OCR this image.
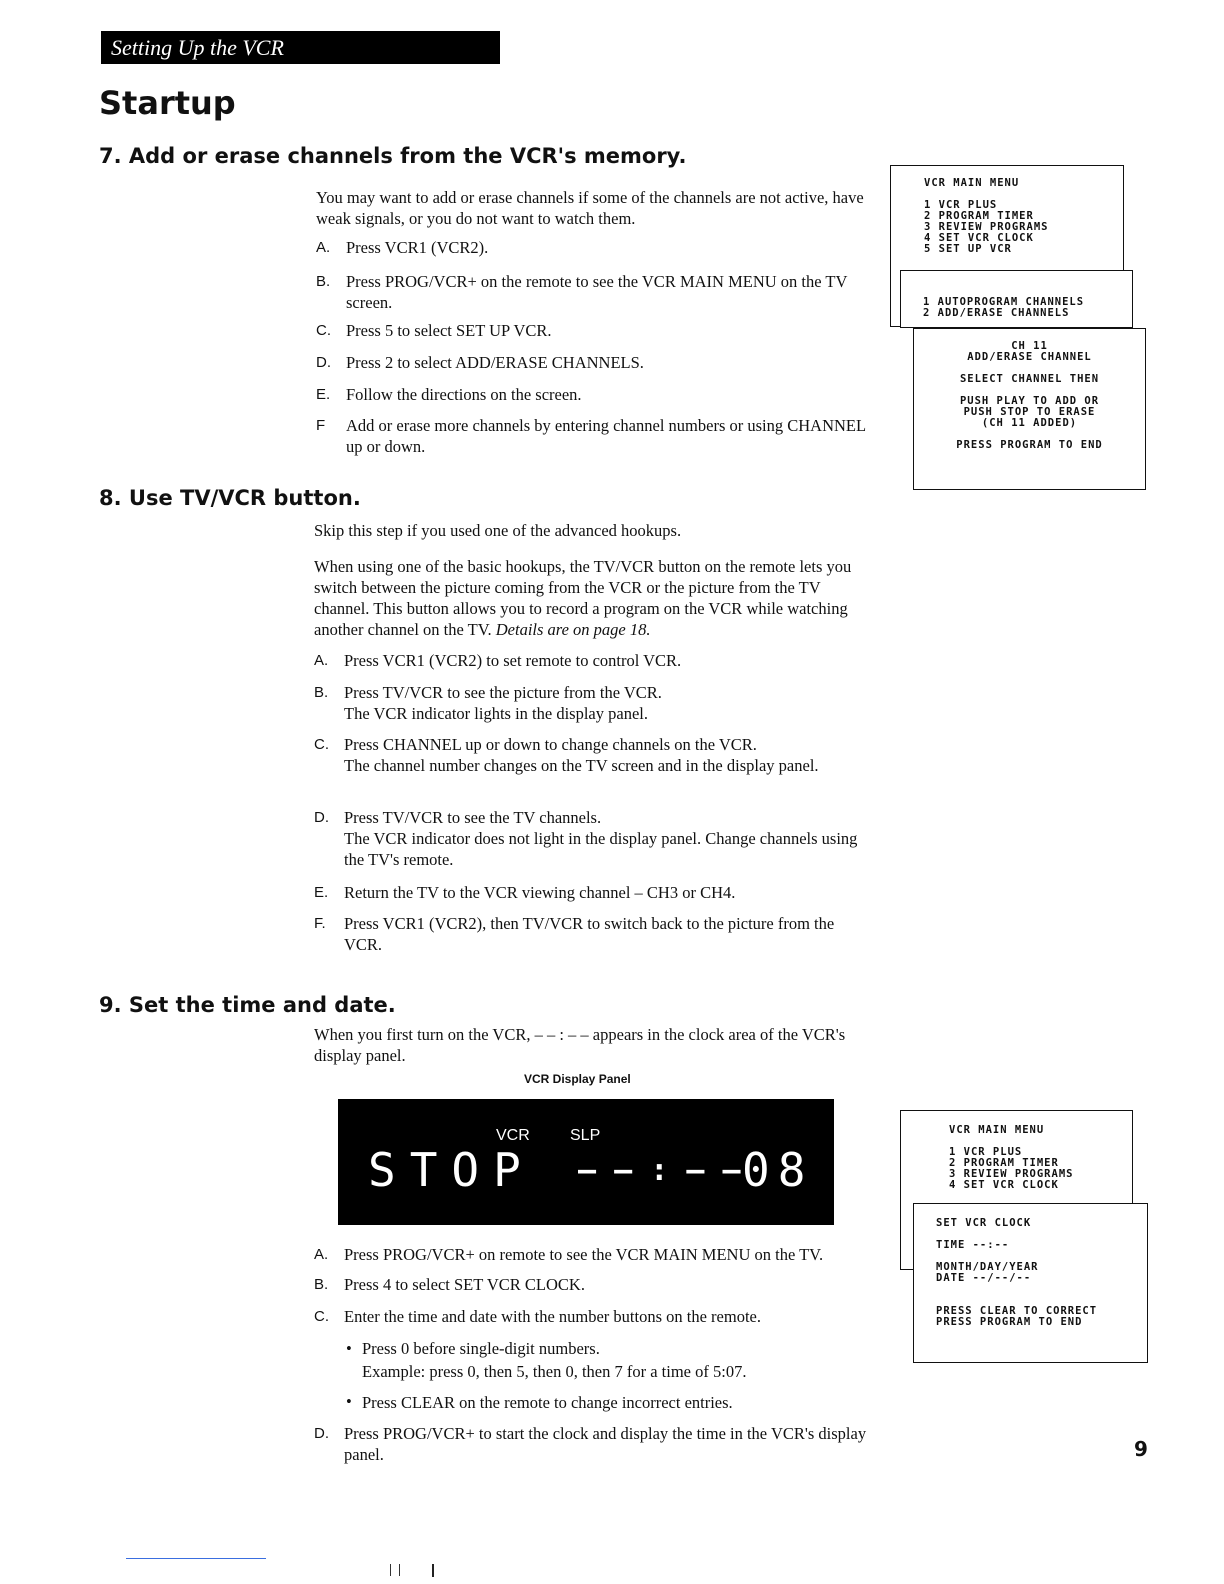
Setting Up the VCR
Startup
7. Add or erase channels from the VCR's memory.
You may want to add or erase channels if some of the channels are not active, have weak signals, or you do not want to watch them.
A. Press VCR1 (VCR2).
B. Press PROG/VCR+ on the remote to see the VCR MAIN MENU on the TV screen.
C. Press 5 to select SET UP VCR.
D. Press 2 to select ADD/ERASE CHANNELS.
E. Follow the directions on the screen.
F Add or erase more channels by entering channel numbers or using CHANNEL up or down.
VCR MAIN MENU

1 VCR PLUS
2 PROGRAM TIMER
3 REVIEW PROGRAMS
4 SET VCR CLOCK
5 SET UP VCR
1 AUTOPROGRAM CHANNELS
2 ADD/ERASE CHANNELS
CH 11
ADD/ERASE CHANNEL

SELECT CHANNEL THEN

PUSH PLAY TO ADD OR
PUSH STOP TO ERASE
(CH 11 ADDED)

PRESS PROGRAM TO END
8. Use TV/VCR button.
Skip this step if you used one of the advanced hookups.
When using one of the basic hookups, the TV/VCR button on the remote lets you switch between the picture coming from the VCR or the picture from the TV channel. This button allows you to record a program on the VCR while watching another channel on the TV. Details are on page 18.
A. Press VCR1 (VCR2) to set remote to control VCR.
B. Press TV/VCR to see the picture from the VCR.
The VCR indicator lights in the display panel.
C. Press CHANNEL up or down to change channels on the VCR.
The channel number changes on the TV screen and in the display panel.
D. Press TV/VCR to see the TV channels.
The VCR indicator does not light in the display panel. Change channels using the TV's remote.
E. Return the TV to the VCR viewing channel – CH3 or CH4.
F. Press VCR1 (VCR2), then TV/VCR to switch back to the picture from the VCR.
9. Set the time and date.
When you first turn on the VCR, – – : – – appears in the clock area of the VCR's display panel.
VCR Display Panel
VCR	SLP
STOP – – : – – 08
A. Press PROG/VCR+ on remote to see the VCR MAIN MENU on the TV.
B. Press 4 to select SET VCR CLOCK.
C. Enter the time and date with the number buttons on the remote.
• Press 0 before single-digit numbers.
Example: press 0, then 5, then 0, then 7 for a time of 5:07.
• Press CLEAR on the remote to change incorrect entries.
D. Press PROG/VCR+ to start the clock and display the time in the VCR's display panel.
VCR MAIN MENU

1 VCR PLUS
2 PROGRAM TIMER
3 REVIEW PROGRAMS
4 SET VCR CLOCK
SET VCR CLOCK

TIME --:--

MONTH/DAY/YEAR
DATE --/--/--

PRESS CLEAR TO CORRECT
PRESS PROGRAM TO END
9
